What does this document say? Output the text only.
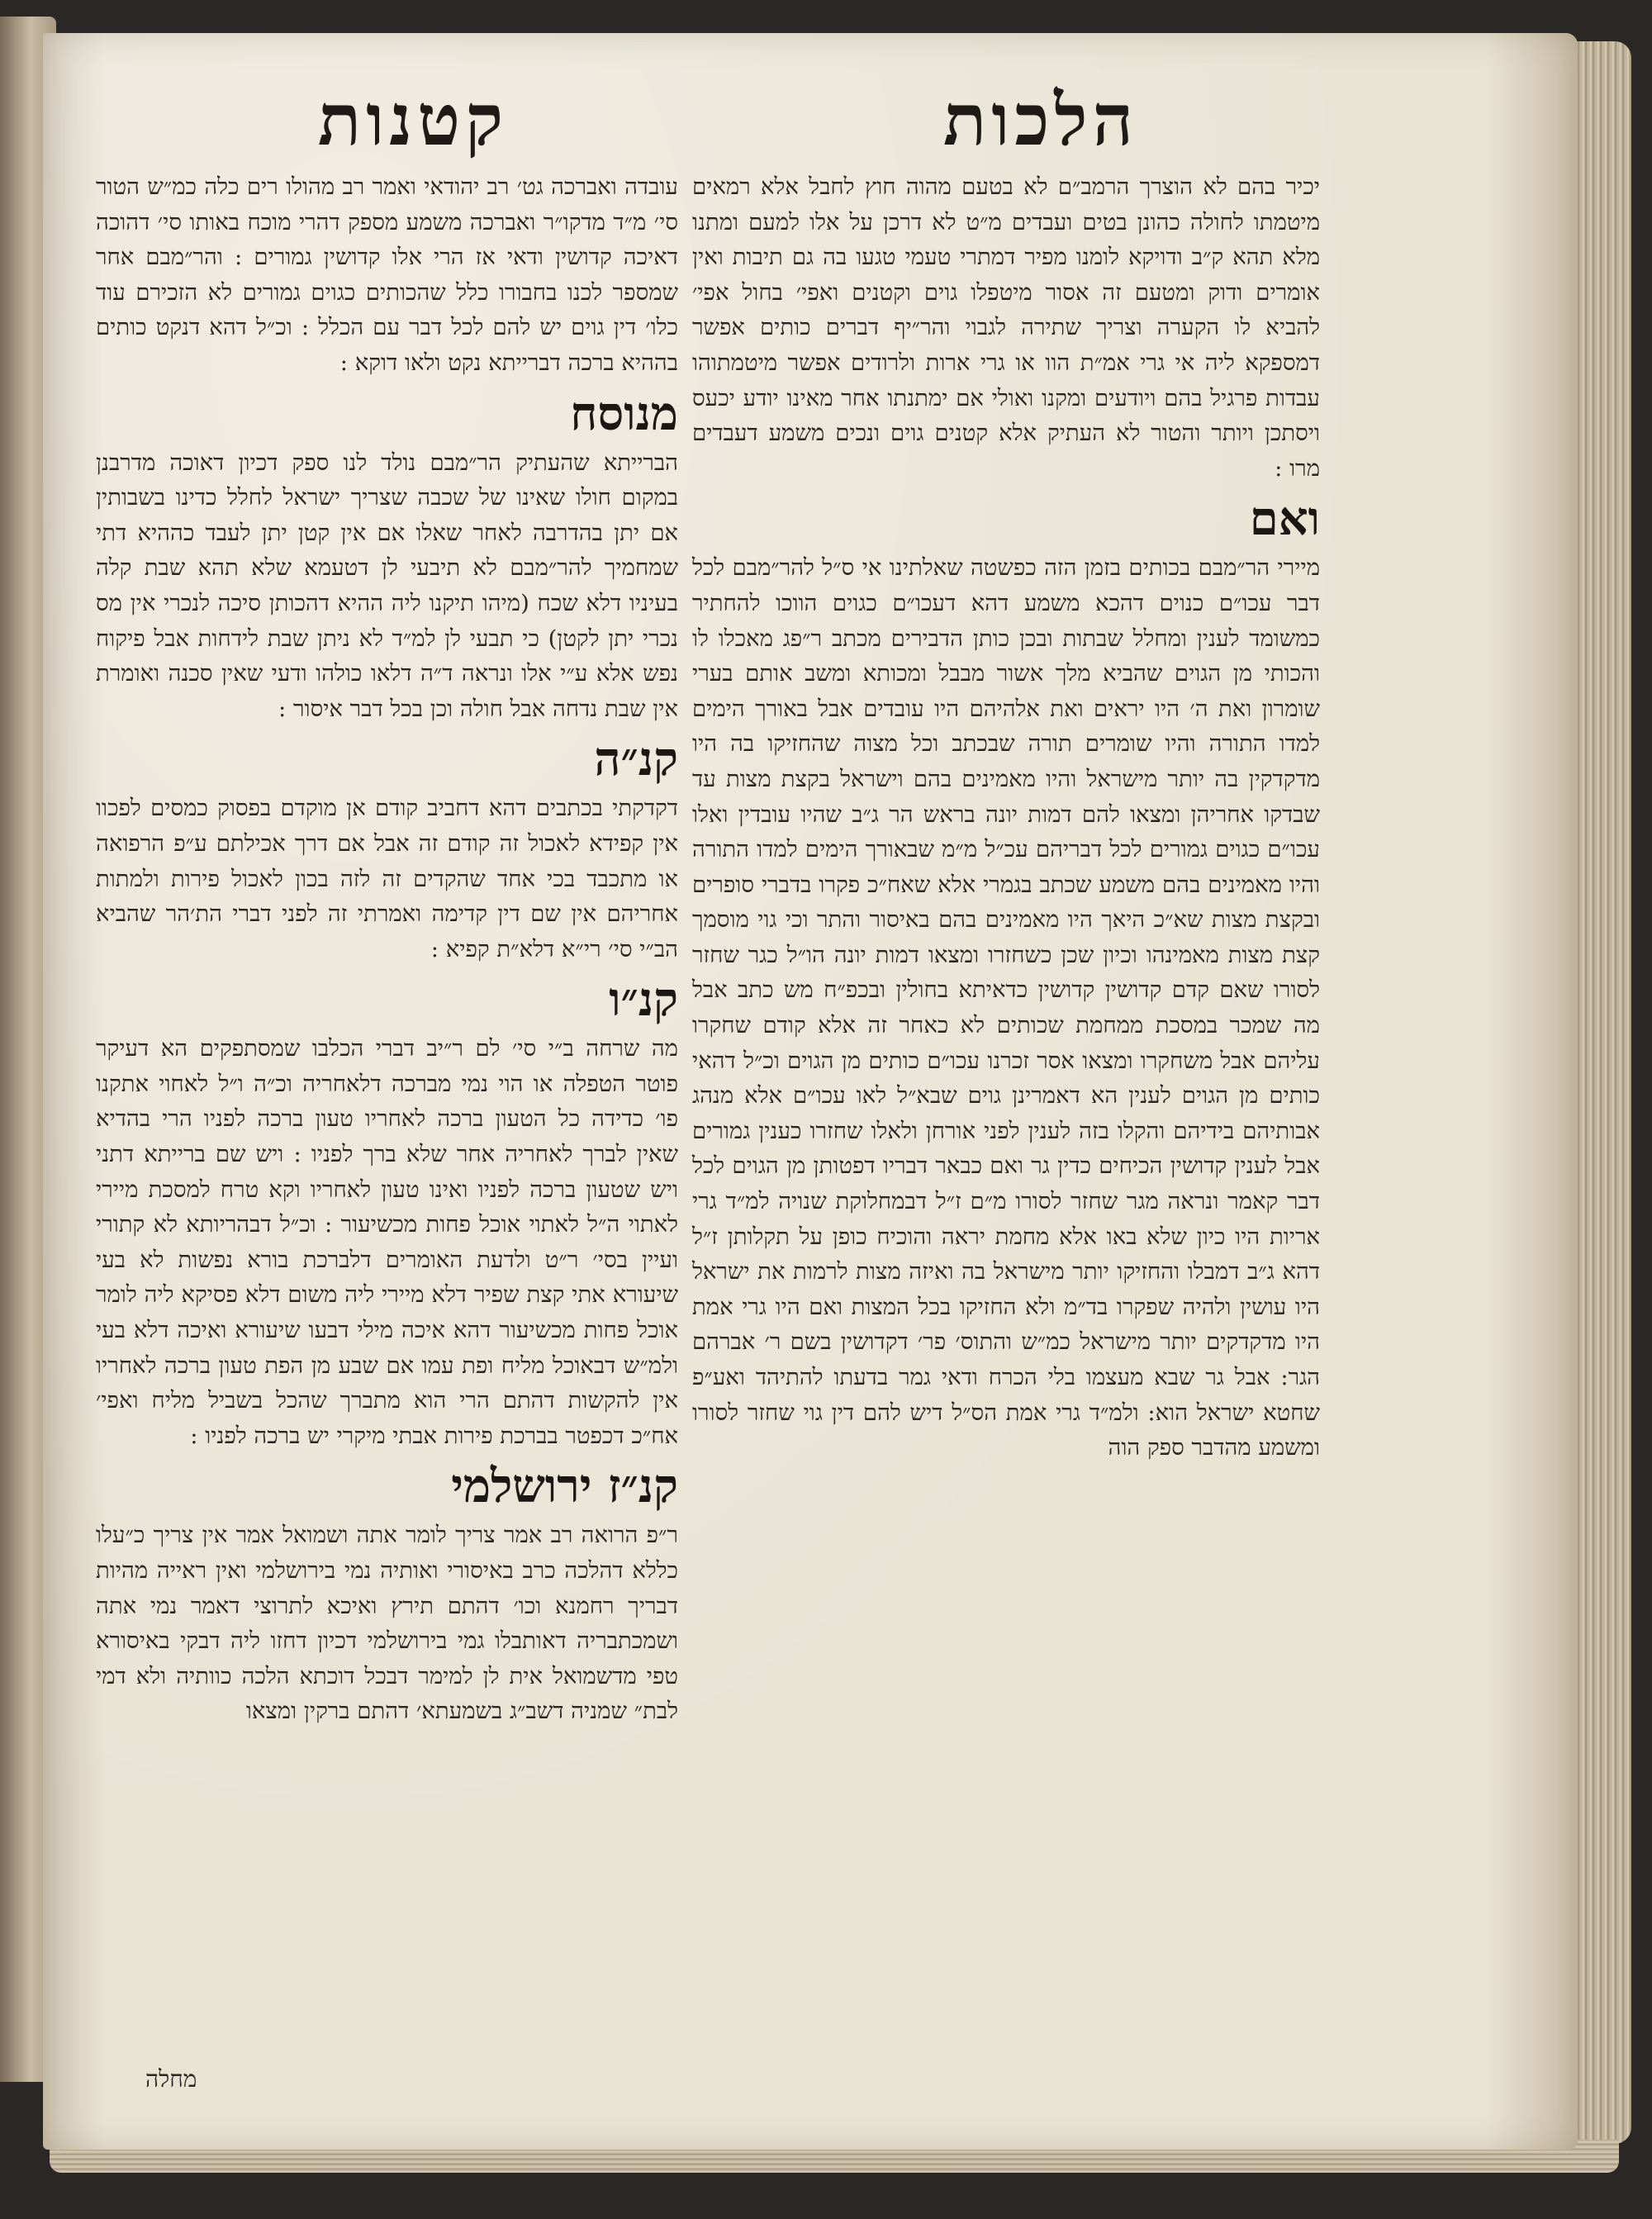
הלכות
קטנות

יכיר בהם לא הוצרך הרמב״ם לא בטעם מהוה חוץ לחבל אלא רמאים מיטמתו לחולה כהונן בטים ועבדים מ״ט לא דרכן על אלו למעם ומתנו מלא תהא ק״ב ודויקא לומנו מפיר דמתרי טעמי טגעו בה גם תיבות ואין אומרים ודוק ומטעם זה אסור מיטפלו גוים וקטנים ואפי׳ בחול אפי׳ להביא לו הקערה וצריך שתירה לגבוי והר״יף דברים כותים אפשר דמספקא ליה אי גרי אמ״ת הוו או גרי ארות ולרודים אפשר מיטמתוהו עבדות פרגיל בהם ויודעים ומקנו ואולי אם ימתנתו אחר מאינו יודע יכעס ויסתכן ויותר והטור לא העתיק אלא קטנים גוים ונכים משמע דעבדים מרו :

ואם

מיירי הר״מבם בכותים בזמן הזה כפשטה שאלתינו אי ס״ל להר״מבם לכל דבר עכו״ם כנוים דהכא משמע דהא דעכו״ם כגוים הווכו להחתיר כמשומד לענין ומחלל שבתות ובכן כותן הדבירים מכתב ר״פג מאכלו לו והכותי מן הגוים שהביא מלך אשור מבבל ומכותא ומשב אותם בערי שומרון ואת ה׳ היו יראים ואת אלהיהם היו עובדים אבל באורך הימים למדו התורה והיו שומרים תורה שבכתב וכל מצוה שהחזיקו בה היו מדקדקין בה יותר מישראל והיו מאמינים בהם וישראל בקצת מצות עד שבדקו אחריהן ומצאו להם דמות יונה בראש הר ג״ב שהיו עובדין ואלו עכו״ם כגוים גמורים לכל דבריהם עכ״ל מ״מ שבאורך הימים למדו התורה והיו מאמינים בהם משמע שכתב בגמרי אלא שאח״כ פקרו בדברי סופרים ובקצת מצות שא״כ היאך היו מאמינים בהם באיסור והתר וכי גוי מוסמך קצת מצות מאמינהו וכיון שכן כשחזרו ומצאו דמות יונה הו״ל כגר שחזר לסורו שאם קדם קדושין קדושין כדאיתא בחולין ובכפ״ח מש כתב אבל מה שמכר במסכת ממחמת שכותים לא כאחר זה אלא קודם שחקרו עליהם אבל משחקרו ומצאו אסר זכרנו עכו״ם כותים מן הגוים וכ״ל דהאי כותים מן הגוים לענין הא דאמרינן גוים שבא״ל לאו עכו״ם אלא מנהג אבותיהם בידיהם והקלו בזה לענין לפני אורחן ולאלו שחזרו כענין גמורים אבל לענין קדושין הכיחים כדין גר ואם כבאר דבריו דפטותן מן הגוים לכל דבר קאמר ונראה מגר שחזר לסורו מ״ם ז״ל דבמחלוקת שנויה למ״ד גרי אריות היו כיון שלא באו אלא מחמת יראה והוכיח כופן על תקלותן ז״ל דהא ג״ב דמבלו והחזיקו יותר מישראל בה ואיזה מצות לרמות את ישראל היו עושין ולהיה שפקרו בד״מ ולא החזיקו בכל המצות ואם היו גרי אמת היו מדקדקים יותר מישראל כמ״ש והתוס׳ פר׳ דקדושין בשם ר׳ אברהם הגר: אבל גר שבא מעצמו בלי הכרח ודאי גמר בדעתו להתיהד ואע״פ שחטא ישראל הוא: ולמ״ד גרי אמת הס״ל דיש להם דין גוי שחזר לסורו ומשמע מהדבר ספק הוה

עובדה ואברכה גט׳ רב יהודאי ואמר רב מהולו רים כלה כמ״ש הטור סי׳ מ״ד מדקו״ר ואברכה משמע מספק דהרי מוכח באותו סי׳ דהוכה דאיכה קדושין ודאי אז הרי אלו קדושין גמורים : והר״מבם אחר שמספר לכנו בחבורו כלל שהכותים כגוים גמורים לא הזכירם עוד כלו׳ דין גוים יש להם לכל דבר עם הכלל : וכ״ל דהא דנקט כותים בההיא ברכה דברייתא נקט ולאו דוקא :

מנוסח

הברייתא שהעתיק הר״מבם נולד לנו ספק דכיון דאוכה מדרבנן במקום חולו שאינו של שכבה שצריך ישראל לחלל כדינו בשבותין אם יתן בהדרבה לאחר שאלו אם אין קטן יתן לעבד כההיא דתי שמחמיך להר״מבם לא תיבעי לן דטעמא שלא תהא שבת קלה בעיניו דלא שכח (מיהו תיקנו ליה ההיא דהכותן סיכה לנכרי אין מס נכרי יתן לקטן) כי תבעי לן למ״ד לא ניתן שבת לידחות אבל פיקוח נפש אלא ע״י אלו ונראה ד״ה דלאו כולהו ודעי שאין סכנה ואומרת אין שבת נדחה אבל חולה וכן בכל דבר איסור :

קנ״ה

דקדקתי בכתבים דהא דחביב קודם אן מוקדם בפסוק כמסים לפכוו אין קפידא לאכול זה קודם זה אבל אם דרך אכילתם ע״פ הרפואה או מתכבד בכי אחד שהקדים זה לזה בכון לאכול פירות ולמתות אחריהם אין שם דין קדימה ואמרתי זה לפני דברי הת׳הר שהביא הב״י סי׳ רי״א דלא״ת קפיא :

קנ״ו

מה שרחה ב״י סי׳ לם ר״יב דברי הכלבו שמסתפקים הא דעיקר פוטר הטפלה או הוי נמי מברכה דלאחריה וכ״ה ו״ל לאחוי אתקנו פו׳ כדידה כל הטעון ברכה לאחריו טעון ברכה לפניו הרי בהדיא שאין לברך לאחריה אחר שלא ברך לפניו : ויש שם ברייתא דתני ויש שטעון ברכה לפניו ואינו טעון לאחריו וקא טרח למסכת מיירי לאתוי ה״ל לאתוי אוכל פחות מכשיעור : וכ״ל דבהריותא לא קתורי ועיין בסי׳ ר״ט ולדעת האומרים דלברכת בורא נפשות לא בעי שיעורא אתי קצת שפיר דלא מיירי ליה משום דלא פסיקא ליה לומר אוכל פחות מכשיעור דהא איכה מילי דבעו שיעורא ואיכה דלא בעי ולמ״ש דבאוכל מליח ופת עמו אם שבע מן הפת טעון ברכה לאחריו אין להקשות דהתם הרי הוא מתברך שהכל בשביל מליח ואפי׳ אח״כ דכפטר בברכת פירות אבתי מיקרי יש ברכה לפניו :

קנ״ז ירושלמי

ר״פ הרואה רב אמר צריך לומר אתה ושמואל אמר אין צריך כ״עלו כללא דהלכה כרב באיסורי ואותיה נמי בירושלמי ואין ראייה מהיות דבריך רחמנא וכו׳ דהתם תירץ ואיכא לתרוצי דאמר נמי אתה ושמכתבריה דאותבלו גמי בירושלמי דכיון דחזו ליה דבקי באיסורא טפי מדשמואל אית לן למימר דבכל דוכתא הלכה כוותיה ולא דמי לבת״ שמניה דשב״ג בשמעתא׳ דהתם ברקין ומצאו

מחלה
